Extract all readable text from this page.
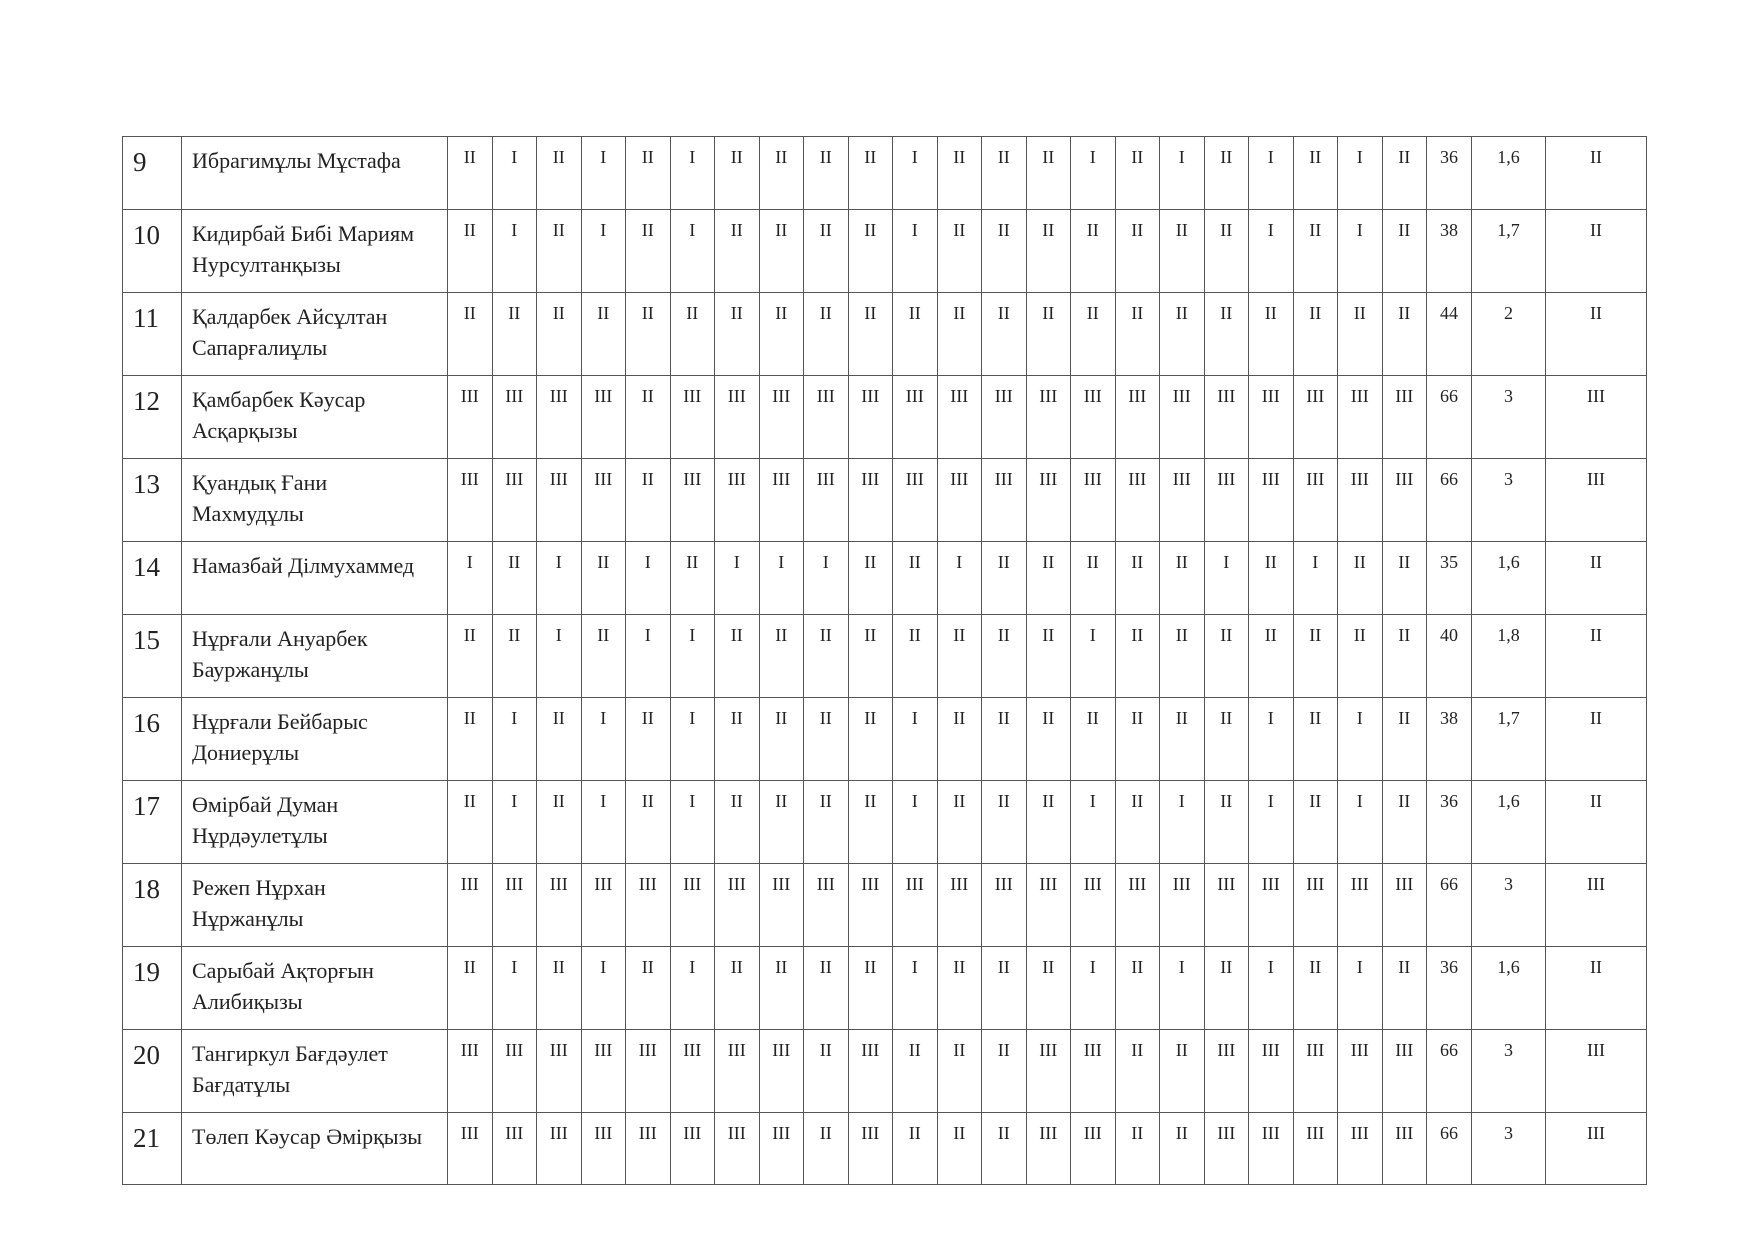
9	Ибрагимұлы Мұстафа	II	I	II	I	II	I	II	II	II	II	I	II	II	II	I	II	I	II	I	II	I	II	36	1,6	II
10	Кидирбай Бибі Мариям
Нурсултанқызы	II	I	II	I	II	I	II	II	II	II	I	II	II	II	II	II	II	II	I	II	I	II	38	1,7	II
11	Қалдарбек Айсұлтан
Сапарғалиұлы	II	II	II	II	II	II	II	II	II	II	II	II	II	II	II	II	II	II	II	II	II	II	44	2	II
12	Қамбарбек Кәусар
Асқарқызы	III	III	III	III	II	III	III	III	III	III	III	III	III	III	III	III	III	III	III	III	III	III	66	3	III
13	Қуандық Ғани
Махмудұлы	III	III	III	III	II	III	III	III	III	III	III	III	III	III	III	III	III	III	III	III	III	III	66	3	III
14	Намазбай Ділмухаммед	I	II	I	II	I	II	I	I	I	II	II	I	II	II	II	II	II	I	II	I	II	II	35	1,6	II
15	Нұрғали Ануарбек
Бауржанұлы	II	II	I	II	I	I	II	II	II	II	II	II	II	II	I	II	II	II	II	II	II	II	40	1,8	II
16	Нұрғали Бейбарыс
Дониерұлы	II	I	II	I	II	I	II	II	II	II	I	II	II	II	II	II	II	II	I	II	I	II	38	1,7	II
17	Өмірбай Думан
Нұрдәулетұлы	II	I	II	I	II	I	II	II	II	II	I	II	II	II	I	II	I	II	I	II	I	II	36	1,6	II
18	Режеп Нұрхан
Нұржанұлы	III	III	III	III	III	III	III	III	III	III	III	III	III	III	III	III	III	III	III	III	III	III	66	3	III
19	Сарыбай Ақторғын
Алибиқызы	II	I	II	I	II	I	II	II	II	II	I	II	II	II	I	II	I	II	I	II	I	II	36	1,6	II
20	Тангиркул Бағдәулет
Бағдатұлы	III	III	III	III	III	III	III	III	II	III	II	II	II	III	III	II	II	III	III	III	III	III	66	3	III
21	Төлеп Кәусар Әмірқызы	III	III	III	III	III	III	III	III	II	III	II	II	II	III	III	II	II	III	III	III	III	III	66	3	III
